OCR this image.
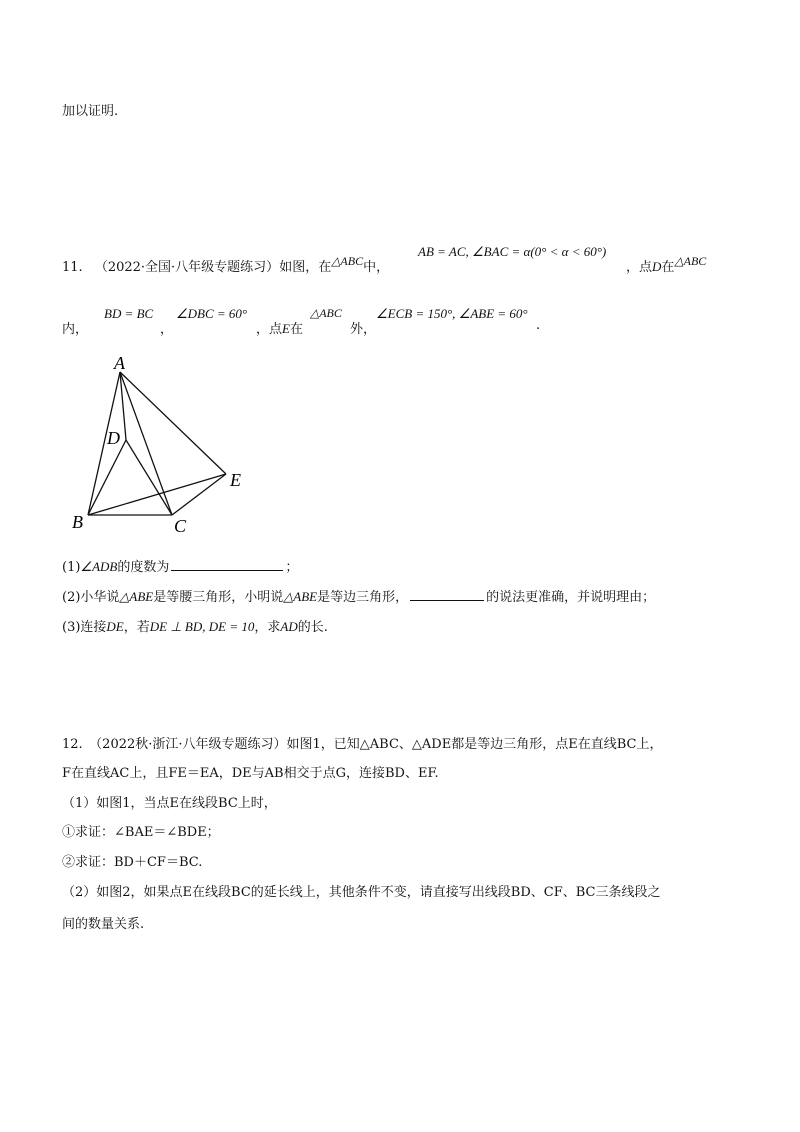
加以证明.
11. （2022·全国·八年级专题练习）如图，在△ABC中，
AB = AC, ∠BAC = α(0° < α < 60°)
，点D在△ABC
内，
BD = BC
，
∠DBC = 60°
，点E在
△ABC
外，
∠ECB = 150°, ∠ABE = 60°
.
A
D
E
B	C
(1)∠ADB的度数为	；
(2)小华说△ABE是等腰三角形，小明说△ABE是等边三角形，	的说法更准确，并说明理由；
(3)连接DE，若DE ⊥ BD, DE = 10，求AD的长.
12.　（2022秋·浙江·八年级专题练习）如图1，已知△ABC、△ADE都是等边三角形，点E在直线BC上，
F在直线AC上，且FE＝EA，DE与AB相交于点G，连接BD、EF.
（1）如图1，当点E在线段BC上时，
①求证：∠BAE＝∠BDE；
②求证：BD＋CF＝BC.
（2）如图2，如果点E在线段BC的延长线上，其他条件不变，请直接写出线段BD、CF、BC三条线段之
间的数量关系.
